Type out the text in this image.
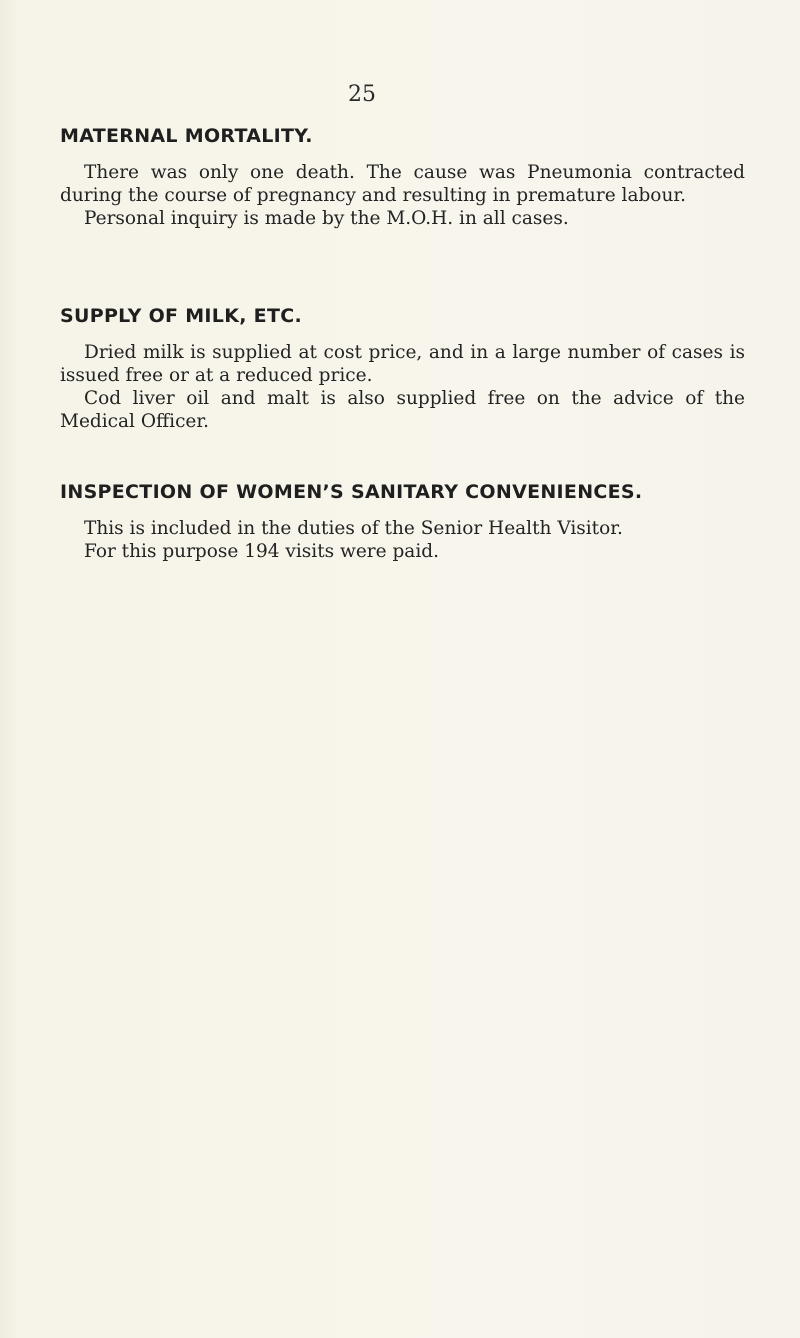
25
MATERNAL MORTALITY.

There was only one death. The cause was Pneumonia contracted during the course of pregnancy and resulting in premature labour.

Personal inquiry is made by the M.O.H. in all cases.

SUPPLY OF MILK, ETC.

Dried milk is supplied at cost price, and in a large number of cases is issued free or at a reduced price.

Cod liver oil and malt is also supplied free on the advice of the Medical Officer.

INSPECTION OF WOMEN’S SANITARY CONVENIENCES.

This is included in the duties of the Senior Health Visitor.

For this purpose 194 visits were paid.
